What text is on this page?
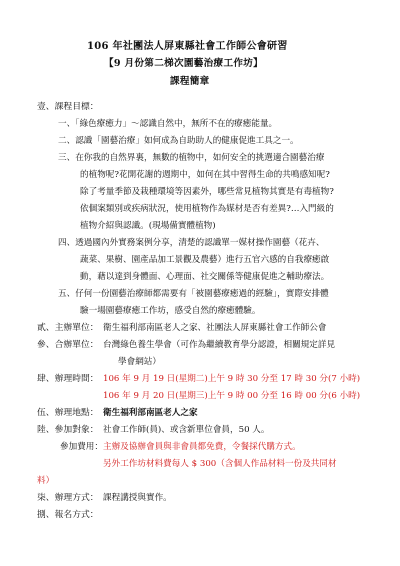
106 年社團法人屏東縣社會工作師公會研習
【9 月份第二梯次園藝治療工作坊】
課程簡章
壹、課程目標：
一、「綠色療癒力」～認識自然中，無所不在的療癒能量。
二、認識「園藝治療」如何成為自助助人的健康促進工具之一。
三、在你我的自然界裏，無數的植物中，如何安全的挑選適合園藝治療
的植物呢?花開花謝的週期中，如何在其中習得生命的共鳴感知呢?
除了考量季節及栽種環境等因素外，哪些常見植物其實是有毒植物?
依個案類別或疾病狀況，使用植物作為媒材是否有差異?…入門級的
植物介紹與認識。(現場備實體植物)
四、透過國內外實務案例分享，清楚的認識單一媒材操作園藝（花卉、
蔬菜、果樹、園產品加工景觀及農藝）進行五官六感的自我療癒啟
動，藉以達到身體面、心理面、社交關係等健康促進之輔助療法。
五、仔何一份園藝治療師都需要有「被園藝療癒過的經驗」，實際安排體
驗一場園藝療癒工作坊，感受自然的療癒體驗。
貳、主辦單位： 衛生福利部南區老人之家、社團法人屏東縣社會工作師公會
參、合辦單位： 台灣綠色養生學會（可作為繼續教育學分認證，相關規定詳見
學會網站）
肆、辦理時間： 106 年 9 月 19 日(星期二)上午 9 時 30 分至 17 時 30 分(7 小時)
106 年 9 月 20 日(星期三)上午 9 時 00 分至 16 時 00 分(6 小時)
伍、辦理地點： 衛生福利部南區老人之家
陸、參加對象： 社會工作師(員)、或含新單位會員，50 人。
參加費用： 主辦及協辦會員與非會員都免費，令餐採代購方式。
另外工作坊材料費每人 $ 300（含個人作品材料一份及共同材
料）
柒、辦理方式： 課程講授與實作。
捌、報名方式：
